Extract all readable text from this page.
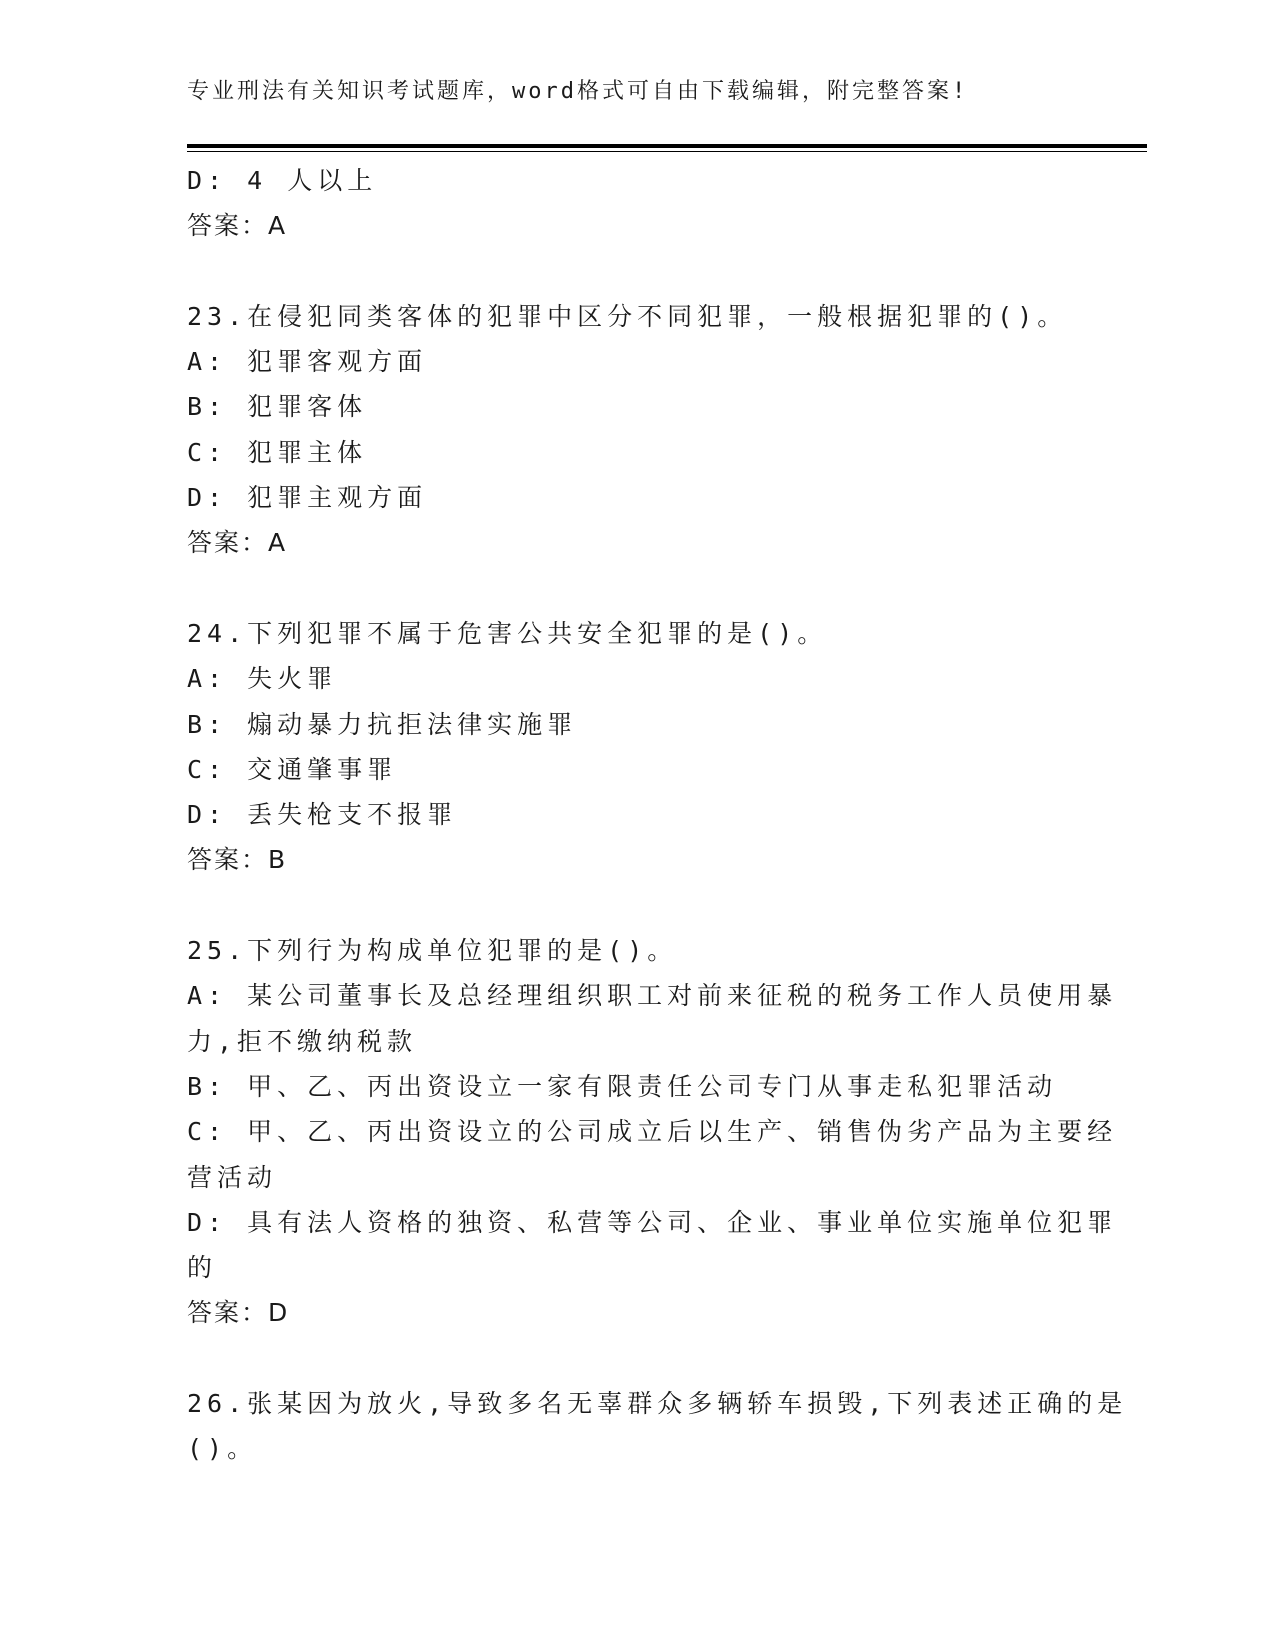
专业刑法有关知识考试题库，word格式可自由下载编辑，附完整答案!
D: 4 人以上
答案：A
23.在侵犯同类客体的犯罪中区分不同犯罪，一般根据犯罪的()。
A: 犯罪客观方面
B: 犯罪客体
C: 犯罪主体
D: 犯罪主观方面
答案：A
24.下列犯罪不属于危害公共安全犯罪的是()。
A: 失火罪
B: 煽动暴力抗拒法律实施罪
C: 交通肇事罪
D: 丢失枪支不报罪
答案：B
25.下列行为构成单位犯罪的是()。
A: 某公司董事长及总经理组织职工对前来征税的税务工作人员使用暴
力,拒不缴纳税款
B: 甲、乙、丙出资设立一家有限责任公司专门从事走私犯罪活动
C: 甲、乙、丙出资设立的公司成立后以生产、销售伪劣产品为主要经
营活动
D: 具有法人资格的独资、私营等公司、企业、事业单位实施单位犯罪
的
答案：D
26.张某因为放火,导致多名无辜群众多辆轿车损毁,下列表述正确的是
()。
